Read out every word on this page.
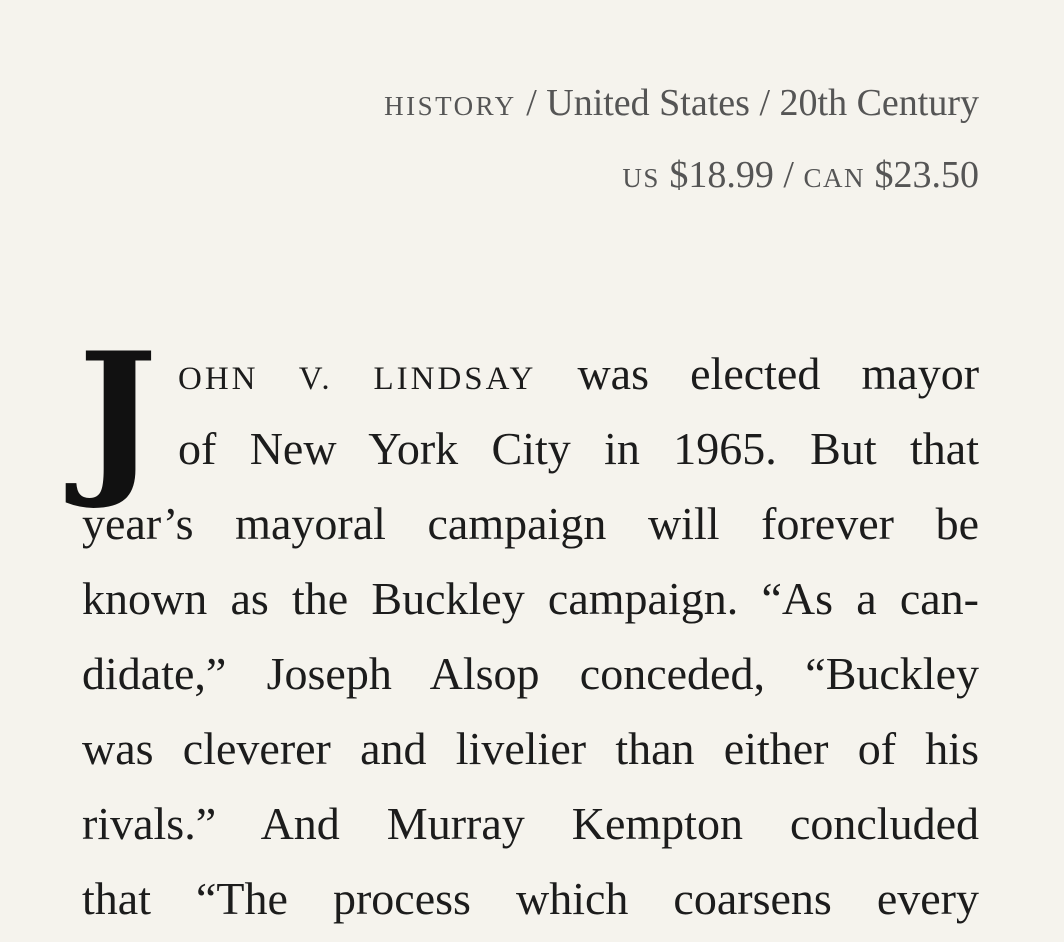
HISTORY / United States / 20th Century
US $18.99 / CAN $23.50
J OHN V. LINDSAY was elected mayor
of New York City in 1965. But that
year’s mayoral campaign will forever be
known as the Buckley campaign. “As a can-
didate,” Joseph Alsop conceded, “Buckley
was cleverer and livelier than either of his
rivals.” And Murray Kempton concluded
that “The process which coarsens every
